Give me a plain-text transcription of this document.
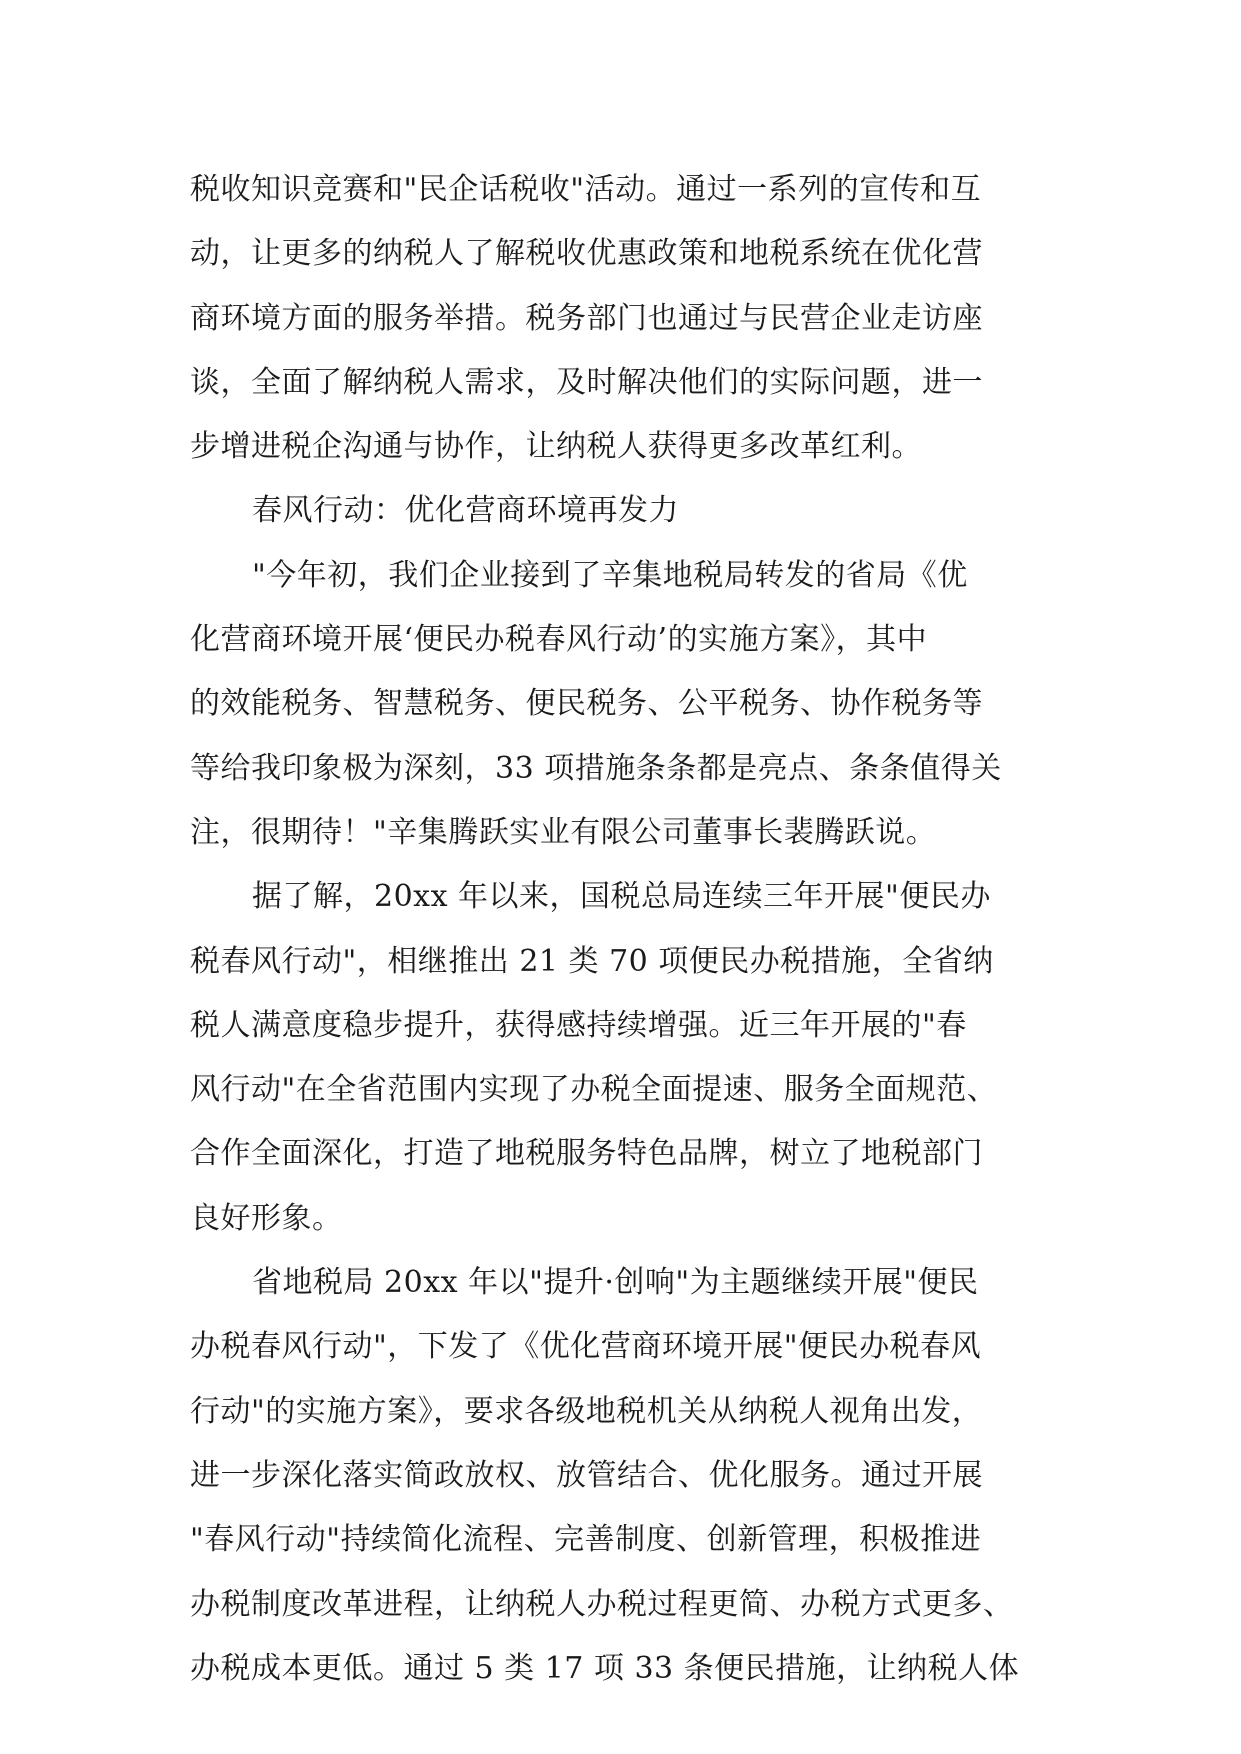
税收知识竞赛和"民企话税收"活动。通过一系列的宣传和互
动，让更多的纳税人了解税收优惠政策和地税系统在优化营
商环境方面的服务举措。税务部门也通过与民营企业走访座
谈，全面了解纳税人需求，及时解决他们的实际问题，进一
步增进税企沟通与协作，让纳税人获得更多改革红利。
春风行动：优化营商环境再发力
"今年初，我们企业接到了辛集地税局转发的省局《优
化营商环境开展‘便民办税春风行动’的实施方案》，其中
的效能税务、智慧税务、便民税务、公平税务、协作税务等
等给我印象极为深刻，33 项措施条条都是亮点、条条值得关
注，很期待！"辛集腾跃实业有限公司董事长裴腾跃说。
据了解，20xx 年以来，国税总局连续三年开展"便民办
税春风行动"，相继推出 21 类 70 项便民办税措施，全省纳
税人满意度稳步提升，获得感持续增强。近三年开展的"春
风行动"在全省范围内实现了办税全面提速、服务全面规范、
合作全面深化，打造了地税服务特色品牌，树立了地税部门
良好形象。
省地税局 20xx 年以"提升·创响"为主题继续开展"便民
办税春风行动"，下发了《优化营商环境开展"便民办税春风
行动"的实施方案》，要求各级地税机关从纳税人视角出发，
进一步深化落实简政放权、放管结合、优化服务。通过开展
"春风行动"持续简化流程、完善制度、创新管理，积极推进
办税制度改革进程，让纳税人办税过程更简、办税方式更多、
办税成本更低。通过 5 类 17 项 33 条便民措施，让纳税人体
